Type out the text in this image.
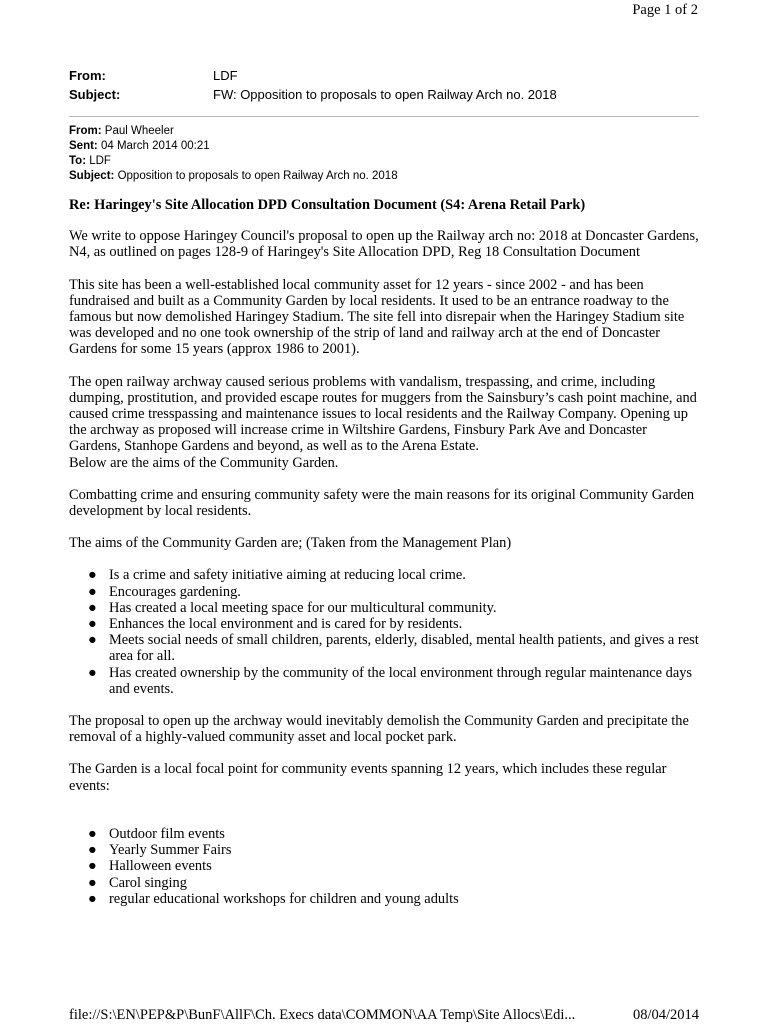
Page 1 of 2
From:	LDF
Subject:	FW: Opposition to proposals to open Railway Arch no. 2018
From: Paul Wheeler
Sent: 04 March 2014 00:21
To: LDF
Subject: Opposition to proposals to open Railway Arch no. 2018
Re: Haringey's Site Allocation DPD Consultation Document (S4: Arena Retail Park)

We write to oppose Haringey Council's proposal to open up the Railway arch no: 2018 at Doncaster Gardens, N4, as outlined on pages 128-9 of Haringey's Site Allocation DPD, Reg 18 Consultation Document

This site has been a well-established local community asset for 12 years - since 2002 - and has been fundraised and built as a Community Garden by local residents. It used to be an entrance roadway to the famous but now demolished Haringey Stadium. The site fell into disrepair when the Haringey Stadium site was developed and no one took ownership of the strip of land and railway arch at the end of Doncaster Gardens for some 15 years (approx 1986 to 2001).

The open railway archway caused serious problems with vandalism, trespassing, and crime, including dumping, prostitution, and provided escape routes for muggers from the Sainsbury’s cash point machine, and caused crime tresspassing and maintenance issues to local residents and the Railway Company. Opening up the archway as proposed will increase crime in Wiltshire Gardens, Finsbury Park Ave and Doncaster Gardens, Stanhope Gardens and beyond, as well as to the Arena Estate.
Below are the aims of the Community Garden.

Combatting crime and ensuring community safety were the main reasons for its original Community Garden development by local residents.

The aims of the Community Garden are; (Taken from the Management Plan)

● Is a crime and safety initiative aiming at reducing local crime.
● Encourages gardening.
● Has created a local meeting space for our multicultural community.
● Enhances the local environment and is cared for by residents.
● Meets social needs of small children, parents, elderly, disabled, mental health patients, and gives a rest area for all.
● Has created ownership by the community of the local environment through regular maintenance days and events.

The proposal to open up the archway would inevitably demolish the Community Garden and precipitate the removal of a highly-valued community asset and local pocket park.

The Garden is a local focal point for community events spanning 12 years, which includes these regular events:

● Outdoor film events
● Yearly Summer Fairs
● Halloween events
● Carol singing
● regular educational workshops for children and young adults
file://S:\EN\PEP&P\BunF\AllF\Ch. Execs data\COMMON\AA Temp\Site Allocs\Edi...	08/04/2014
